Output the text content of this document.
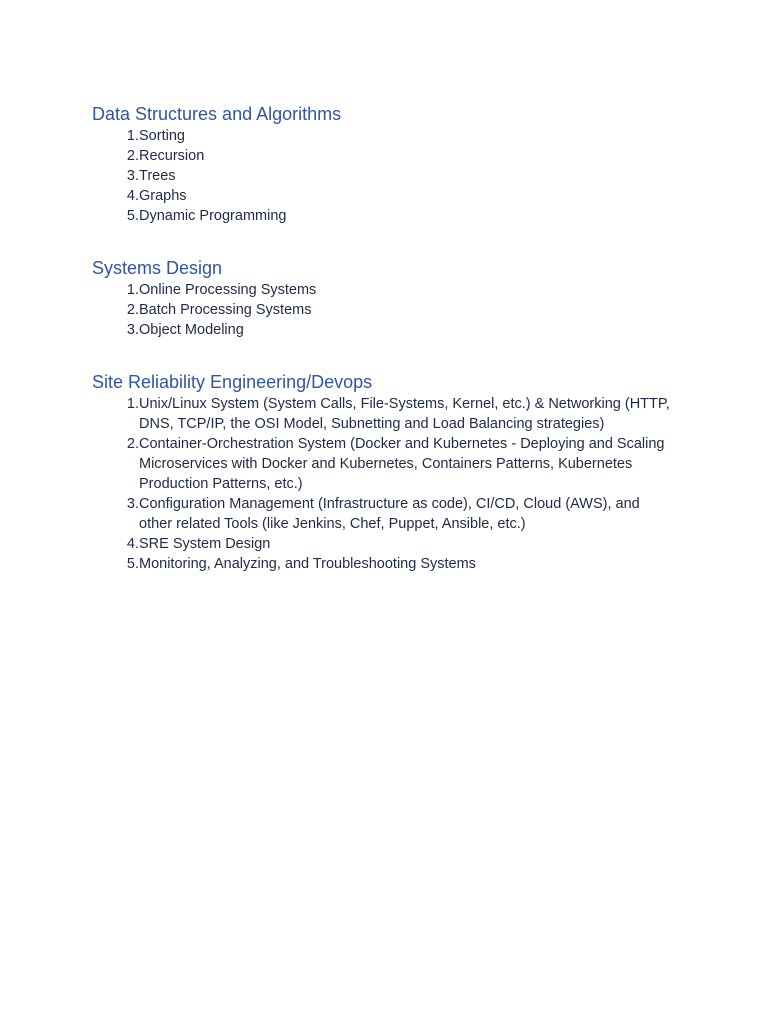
Data Structures and Algorithms
1. Sorting
2. Recursion
3. Trees
4. Graphs
5. Dynamic Programming
Systems Design
1. Online Processing Systems
2. Batch Processing Systems
3. Object Modeling
Site Reliability Engineering/Devops
1. Unix/Linux System (System Calls, File-Systems, Kernel, etc.) & Networking (HTTP, DNS, TCP/IP, the OSI Model, Subnetting and Load Balancing strategies)
2. Container-Orchestration System (Docker and Kubernetes - Deploying and Scaling Microservices with Docker and Kubernetes, Containers Patterns, Kubernetes Production Patterns, etc.)
3. Configuration Management (Infrastructure as code), CI/CD, Cloud (AWS), and other related Tools (like Jenkins, Chef, Puppet, Ansible, etc.)
4. SRE System Design
5. Monitoring, Analyzing, and Troubleshooting Systems
